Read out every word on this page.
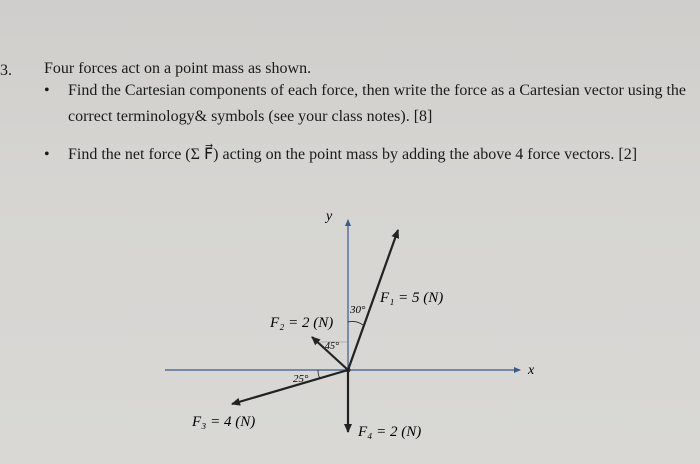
3. Four forces act on a point mass as shown.
•	Find the Cartesian components of each force, then write the force as a Cartesian vector using the correct terminology& symbols (see your class notes). [8]
•	Find the net force (Σ F⃗) acting on the point mass by adding the above 4 force vectors. [2]
x
y
F₁ = 5 (N)
30°
F₂ = 2 (N)
45°
F₃ = 4 (N)
25°
F₄ = 2 (N)
